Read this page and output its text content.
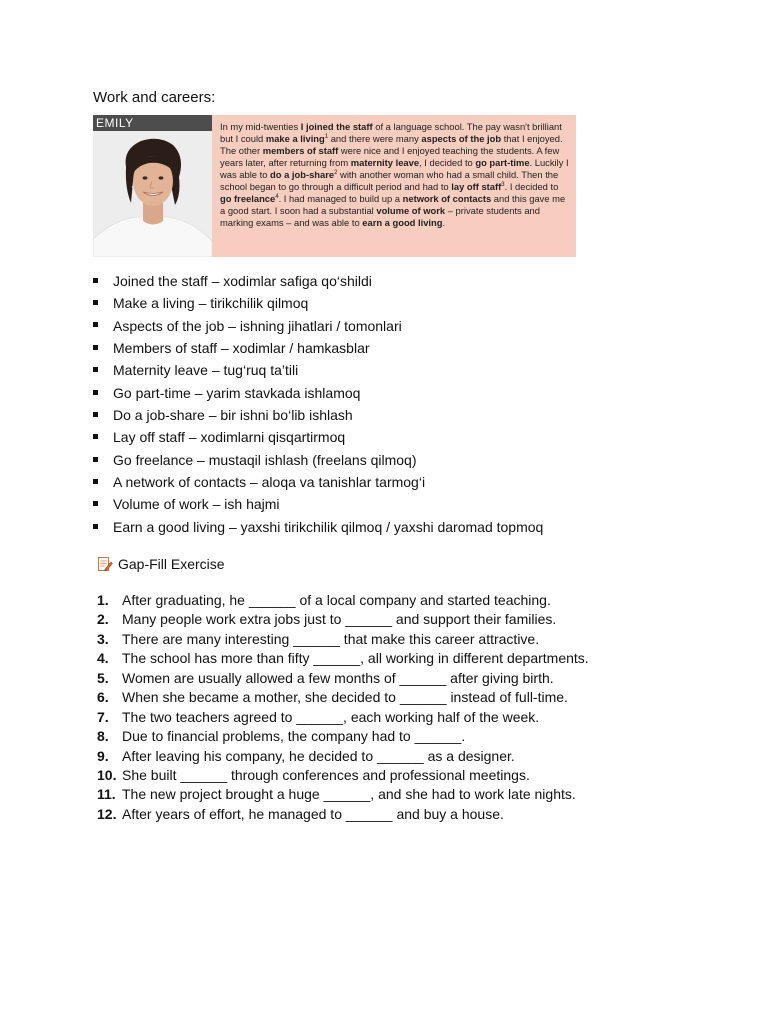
Work and careers:
EMILY	In my mid-twenties I joined the staff of a language school. The pay wasn't brilliant but I could make a living$^1$ and there were many aspects of the job that I enjoyed. The other members of staff were nice and I enjoyed teaching the students. A few years later, after returning from maternity leave, I decided to go part-time. Luckily I was able to do a job-share$^2$ with another woman who had a small child. Then the school began to go through a difficult period and had to lay off staff$^3$. I decided to go freelance$^4$. I had managed to build up a network of contacts and this gave me a good start. I soon had a substantial volume of work – private students and marking exams – and was able to earn a good living.
Joined the staff – xodimlar safiga qo‘shildi
Make a living – tirikchilik qilmoq
Aspects of the job – ishning jihatlari / tomonlari
Members of staff – xodimlar / hamkasblar
Maternity leave – tug‘ruq ta’tili
Go part-time – yarim stavkada ishlamoq
Do a job-share – bir ishni bo‘lib ishlash
Lay off staff – xodimlarni qisqartirmoq
Go freelance – mustaqil ishlash (freelans qilmoq)
A network of contacts – aloqa va tanishlar tarmog‘i
Volume of work – ish hajmi
Earn a good living – yaxshi tirikchilik qilmoq / yaxshi daromad topmoq
Gap-Fill Exercise
1. After graduating, he ______ of a local company and started teaching.
2. Many people work extra jobs just to ______ and support their families.
3. There are many interesting ______ that make this career attractive.
4. The school has more than fifty ______, all working in different departments.
5. Women are usually allowed a few months of ______ after giving birth.
6. When she became a mother, she decided to ______ instead of full-time.
7. The two teachers agreed to ______, each working half of the week.
8. Due to financial problems, the company had to ______.
9. After leaving his company, he decided to ______ as a designer.
10. She built ______ through conferences and professional meetings.
11. The new project brought a huge ______, and she had to work late nights.
12. After years of effort, he managed to ______ and buy a house.
